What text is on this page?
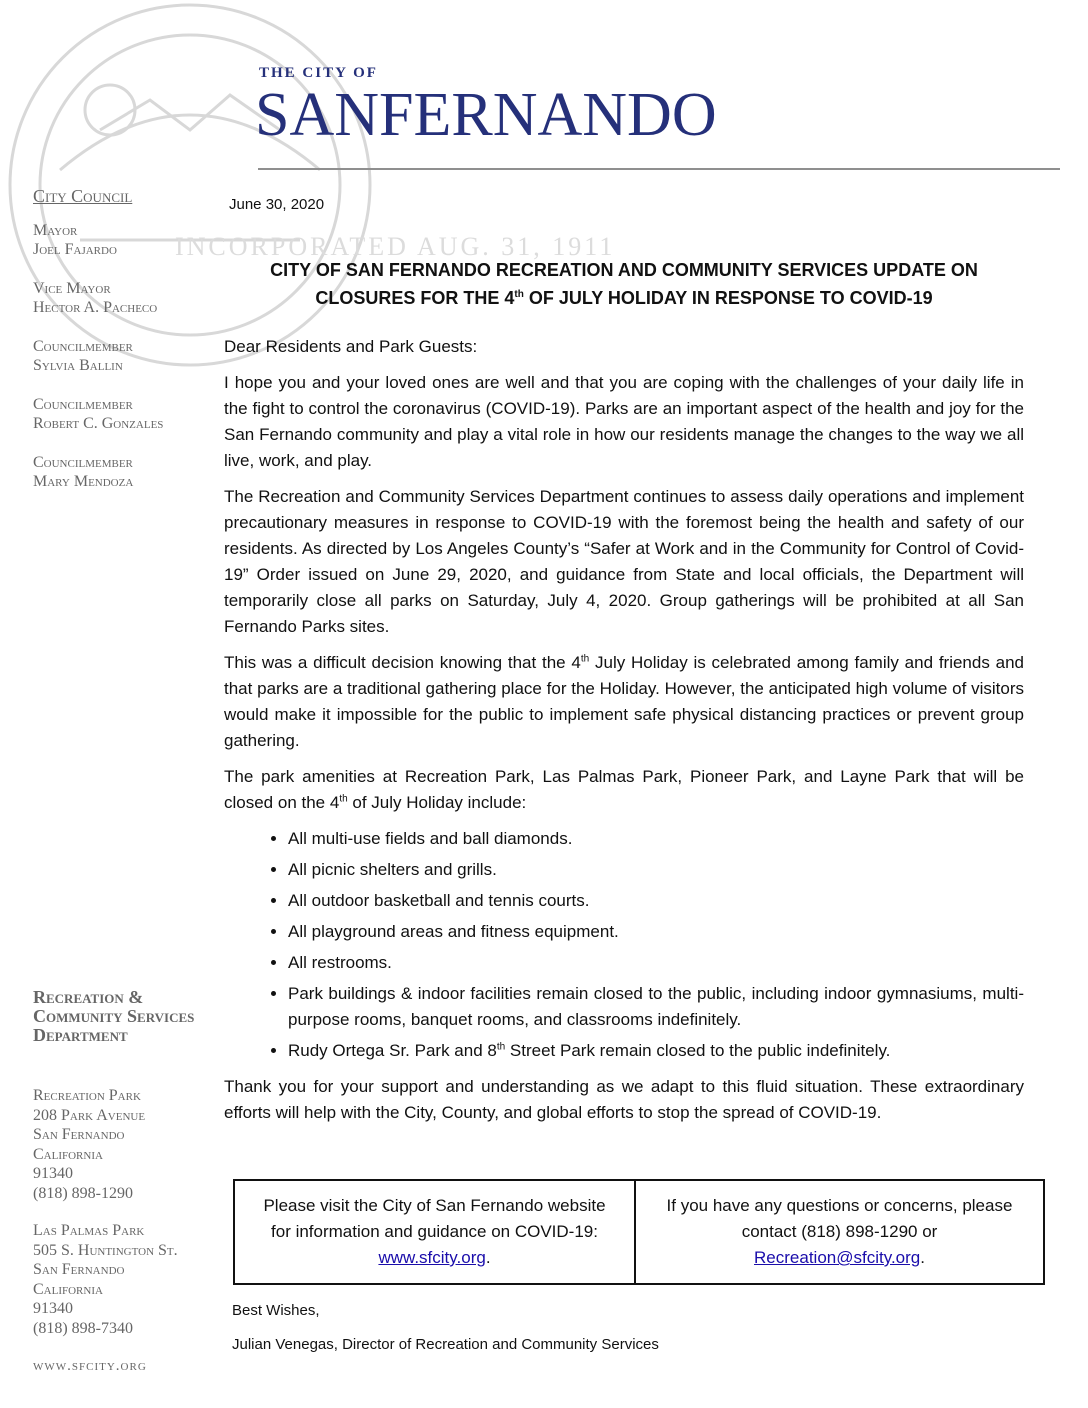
INCORPORATED AUG. 31, 1911
THE CITY OF
SANFERNANDO
City Council
Mayor
Joel Fajardo
Vice Mayor
Hector A. Pacheco
Councilmember
Sylvia Ballin
Councilmember
Robert C. Gonzales
Councilmember
Mary Mendoza
Recreation & Community Services Department
Recreation Park
208 Park Avenue
San Fernando
California
91340
(818) 898-1290
Las Palmas Park
505 S. Huntington St.
San Fernando
California
91340
(818) 898-7340
www.sfcity.org
June 30, 2020
CITY OF SAN FERNANDO RECREATION AND COMMUNITY SERVICES UPDATE ON
CLOSURES FOR THE 4th OF JULY HOLIDAY IN RESPONSE TO COVID-19

Dear Residents and Park Guests:

I hope you and your loved ones are well and that you are coping with the challenges of your daily life in the fight to control the coronavirus (COVID-19). Parks are an important aspect of the health and joy for the San Fernando community and play a vital role in how our residents manage the changes to the way we all live, work, and play.

The Recreation and Community Services Department continues to assess daily operations and implement precautionary measures in response to COVID-19 with the foremost being the health and safety of our residents. As directed by Los Angeles County’s “Safer at Work and in the Community for Control of Covid-19” Order issued on June 29, 2020, and guidance from State and local officials, the Department will temporarily close all parks on Saturday, July 4, 2020. Group gatherings will be prohibited at all San Fernando Parks sites.

This was a difficult decision knowing that the 4th July Holiday is celebrated among family and friends and that parks are a traditional gathering place for the Holiday. However, the anticipated high volume of visitors would make it impossible for the public to implement safe physical distancing practices or prevent group gathering.

The park amenities at Recreation Park, Las Palmas Park, Pioneer Park, and Layne Park that will be closed on the 4th of July Holiday include:

• All multi-use fields and ball diamonds.
• All picnic shelters and grills.
• All outdoor basketball and tennis courts.
• All playground areas and fitness equipment.
• All restrooms.
• Park buildings & indoor facilities remain closed to the public, including indoor gymnasiums, multi-purpose rooms, banquet rooms, and classrooms indefinitely.
• Rudy Ortega Sr. Park and 8th Street Park remain closed to the public indefinitely.

Thank you for your support and understanding as we adapt to this fluid situation. These extraordinary efforts will help with the City, County, and global efforts to stop the spread of COVID-19.

Please visit the City of San Fernando website for information and guidance on COVID-19: www.sfcity.org.
If you have any questions or concerns, please contact (818) 898-1290 or Recreation@sfcity.org.
Best Wishes,
Julian Venegas, Director of Recreation and Community Services
